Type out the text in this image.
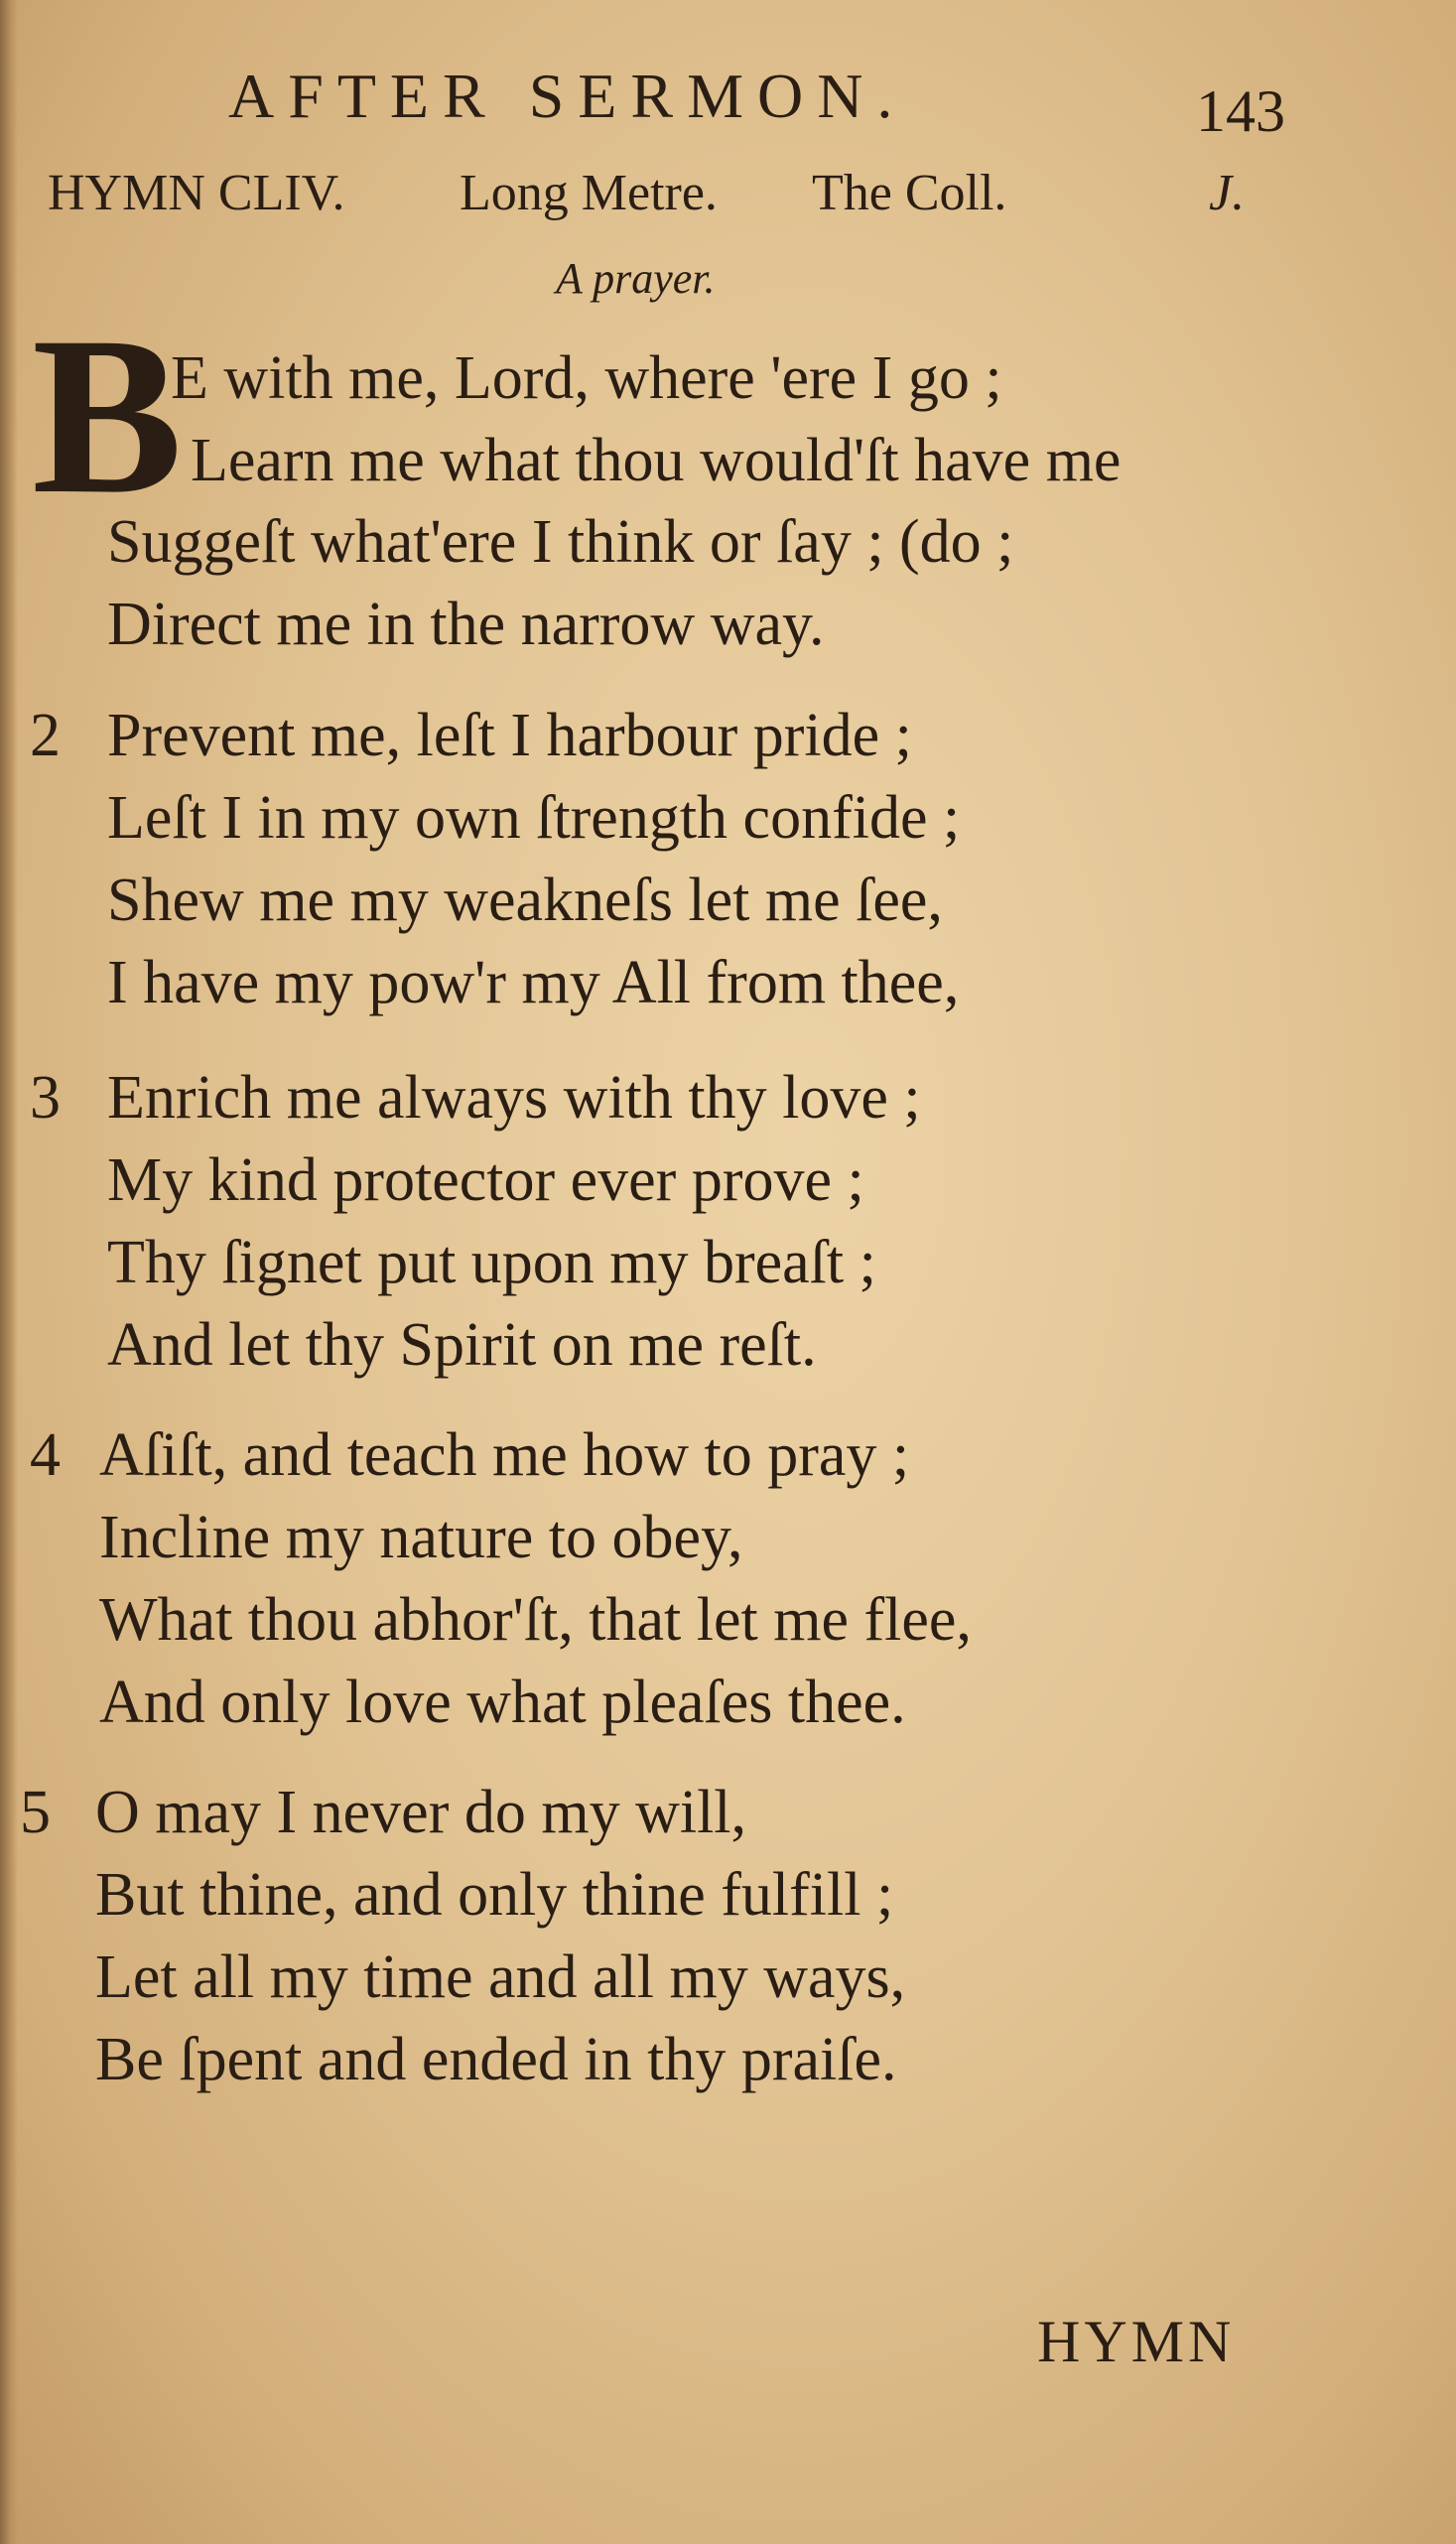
AFTER SERMON.	143
HYMN CLIV. Long Metre. The Coll.	J.
A prayer.
B
E with me, Lord, where 'ere I go ;
Learn me what thou would'ſt have me
Suggeſt what'ere I think or ſay ; (do ;
Direct me in the narrow way.
2 Prevent me, leſt I harbour pride ;
Leſt I in my own ſtrength confide ;
Shew me my weakneſs let me ſee,
I have my pow'r my All from thee,
3 Enrich me always with thy love ;
My kind protector ever prove ;
Thy ſignet put upon my breaſt ;
And let thy Spirit on me reſt.
4 Aſiſt, and teach me how to pray ;
Incline my nature to obey,
What thou abhor'ſt, that let me flee,
And only love what pleaſes thee.
5 O may I never do my will,
But thine, and only thine fulfill ;
Let all my time and all my ways,
Be ſpent and ended in thy praiſe.
HYMN
